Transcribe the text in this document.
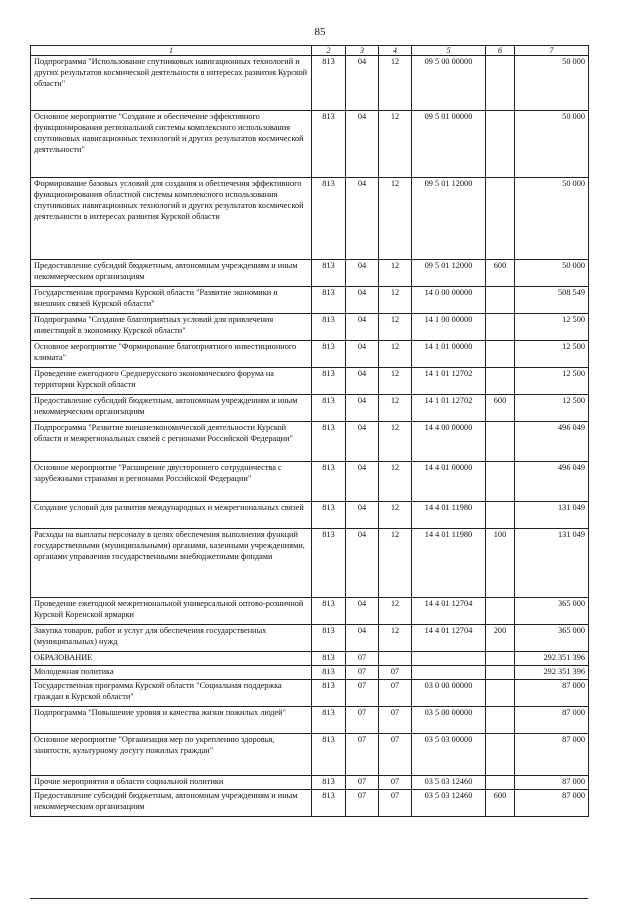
85
1	2	3	4	5	6	7
Подпрограмма "Использование спутниковых навигационных технологий и других результатов космической деятельности в интересах развития Курской области"	813	04	12	09 5 00 00000		50 000
Основное мероприятие "Создание и обеспечение эффективного функционирования региональной системы комплексного использования спутниковых навигационных технологий и других результатов космической деятельности"	813	04	12	09 5 01 00000		50 000
Формирование базовых условий для создания и обеспечения эффективного функционирования областной системы комплексного использования спутниковых навигационных технологий и других результатов космической деятельности в интересах развития Курской области	813	04	12	09 5 01 12000		50 000
Предоставление субсидий бюджетным, автономным учреждениям и иным некоммерческим организациям	813	04	12	09 5 01 12000	600	50 000
Государственная программа Курской области "Развитие экономики и внешних связей Курской области"	813	04	12	14 0 00 00000		508 549
Подпрограмма "Создание благоприятных условий для привлечения инвестиций в экономику Курской области"	813	04	12	14 1 00 00000		12 500
Основное мероприятие "Формирование благоприятного инвестиционного климата"	813	04	12	14 1 01 00000		12 500
Проведение ежегодного Среднерусского экономического форума на территории Курской области	813	04	12	14 1 01 12702		12 500
Предоставление субсидий бюджетным, автономным учреждениям и иным некоммерческим организациям	813	04	12	14 1 01 12702	600	12 500
Подпрограмма "Развитие внешнеэкономической деятельности Курской области и межрегиональных связей с регионами Российской Федерации"	813	04	12	14 4 00 00000		496 049
Основное мероприятие "Расширение двустороннего сотрудничества с зарубежными странами и регионами Российской Федерации"	813	04	12	14 4 01 00000		496 049
Создание условий для развития международных и межрегиональных связей	813	04	12	14 4 01 11980		131 049
Расходы на выплаты персоналу в целях обеспечения выполнения функций государственными (муниципальными) органами, казенными учреждениями, органами управления государственными внебюджетными фондами	813	04	12	14 4 01 11980	100	131 049
Проведение ежегодной межрегиональной универсальной оптово-розничной Курской Коренской ярмарки	813	04	12	14 4 01 12704		365 000
Закупка товаров, работ и услуг для обеспечения государственных (муниципальных) нужд	813	04	12	14 4 01 12704	200	365 000
ОБРАЗОВАНИЕ	813	07				292 351 396
Молодежная политика	813	07	07			292 351 396
Государственная программа Курской области "Социальная поддержка граждан в Курской области"	813	07	07	03 0 00 00000		87 000
Подпрограмма "Повышение уровня и качества жизни пожилых людей"	813	07	07	03 5 00 00000		87 000
Основное мероприятие "Организация мер по укреплению здоровья, занятости, культурному досугу пожилых граждан"	813	07	07	03 5 03 00000		87 000
Прочие мероприятия в области социальной политики	813	07	07	03 5 03 12460		87 000
Предоставление субсидий бюджетным, автономным учреждениям и иным некоммерческим организациям	813	07	07	03 5 03 12460	600	87 000
